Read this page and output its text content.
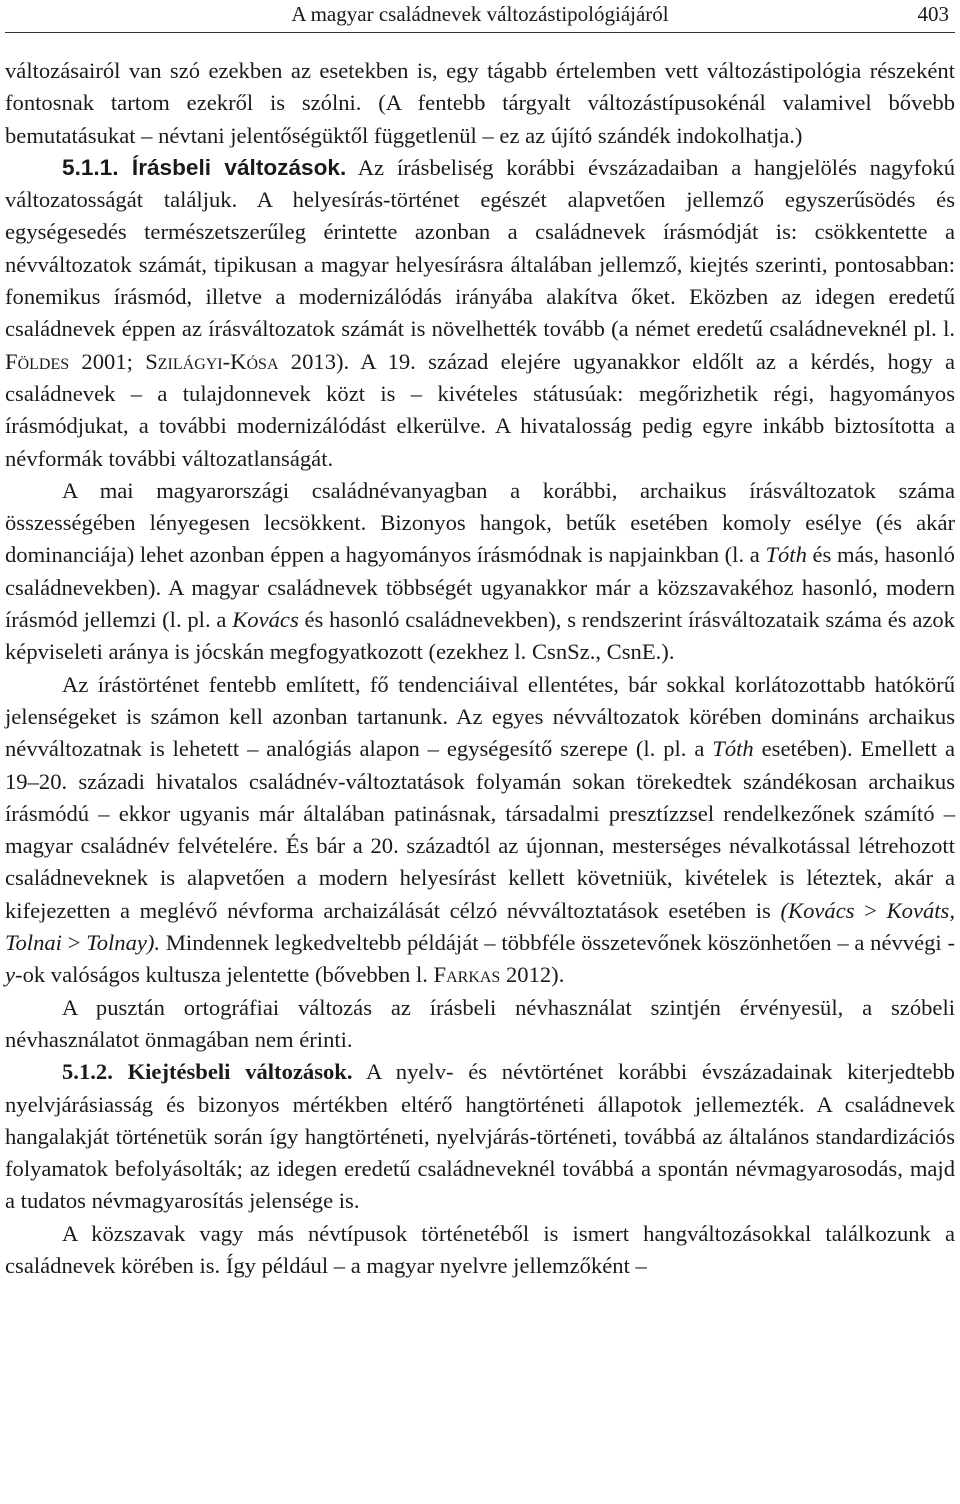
A magyar családnevek változástipológiájáról	403

változásairól van szó ezekben az esetekben is, egy tágabb értelemben vett változástipológia részeként fontosnak tartom ezekről is szólni. (A fentebb tárgyalt változástípusokénál valamivel bővebb bemutatásukat – névtani jelentőségüktől függetlenül – ez az újító szándék indokolhatja.)

5.1.1. Írásbeli változások. Az írásbeliség korábbi évszázadaiban a hangjelölés nagyfokú változatosságát találjuk. A helyesírás-történet egészét alapvetően jellemző egyszerűsödés és egységesedés természetszerűleg érintette azonban a családnevek írásmódját is: csökkentette a névváltozatok számát, tipikusan a magyar helyesírásra általában jellemző, kiejtés szerinti, pontosabban: fonemikus írásmód, illetve a modernizálódás irányába alakítva őket. Eközben az idegen eredetű családnevek éppen az írásváltozatok számát is növelhették tovább (a német eredetű családneveknél pl. l. Földes 2001; Szilágyi-Kósa 2013). A 19. század elejére ugyanakkor eldőlt az a kérdés, hogy a családnevek – a tulajdonnevek közt is – kivételes státusúak: megőrizhetik régi, hagyományos írásmódjukat, a további modernizálódást elkerülve. A hivatalosság pedig egyre inkább biztosította a névformák további változatlanságát.

A mai magyarországi családnévanyagban a korábbi, archaikus írásváltozatok száma összességében lényegesen lecsökkent. Bizonyos hangok, betűk esetében komoly esélye (és akár dominanciája) lehet azonban éppen a hagyományos írásmódnak is napjainkban (l. a Tóth és más, hasonló családnevekben). A magyar családnevek többségét ugyanakkor már a közszavakéhoz hasonló, modern írásmód jellemzi (l. pl. a Kovács és hasonló családnevekben), s rendszerint írásváltozataik száma és azok képviseleti aránya is jócskán megfogyatkozott (ezekhez l. CsnSz., CsnE.).

Az írástörténet fentebb említett, fő tendenciáival ellentétes, bár sokkal korlátozottabb hatókörű jelenségeket is számon kell azonban tartanunk. Az egyes névváltozatok körében domináns archaikus névváltozatnak is lehetett – analógiás alapon – egységesítő szerepe (l. pl. a Tóth esetében). Emellett a 19–20. századi hivatalos családnév-változtatások folyamán sokan törekedtek szándékosan archaikus írásmódú – ekkor ugyanis már általában patinásnak, társadalmi presztízzsel rendelkezőnek számító – magyar családnév felvételére. És bár a 20. századtól az újonnan, mesterséges névalkotással létrehozott családneveknek is alapvetően a modern helyesírást kellett követniük, kivételek is léteztek, akár a kifejezetten a meglévő névforma archaizálását célzó névváltoztatások esetében is (Kovács > Kováts, Tolnai > Tolnay). Mindennek legkedveltebb példáját – többféle összetevőnek köszönhetően – a névvégi -y-ok valóságos kultusza jelentette (bővebben l. Farkas 2012).

A pusztán ortográfiai változás az írásbeli névhasználat szintjén érvényesül, a szóbeli névhasználatot önmagában nem érinti.

5.1.2. Kiejtésbeli változások. A nyelv- és névtörténet korábbi évszázadainak kiterjedtebb nyelvjárásiasság és bizonyos mértékben eltérő hangtörténeti állapotok jellemezték. A családnevek hangalakját történetük során így hangtörténeti, nyelvjárás-történeti, továbbá az általános standardizációs folyamatok befolyásolták; az idegen eredetű családneveknél továbbá a spontán névmagyarosodás, majd a tudatos névmagyarosítás jelensége is.

A közszavak vagy más névtípusok történetéből is ismert hangváltozásokkal találkozunk a családnevek körében is. Így például – a magyar nyelvre jellemzőként –
